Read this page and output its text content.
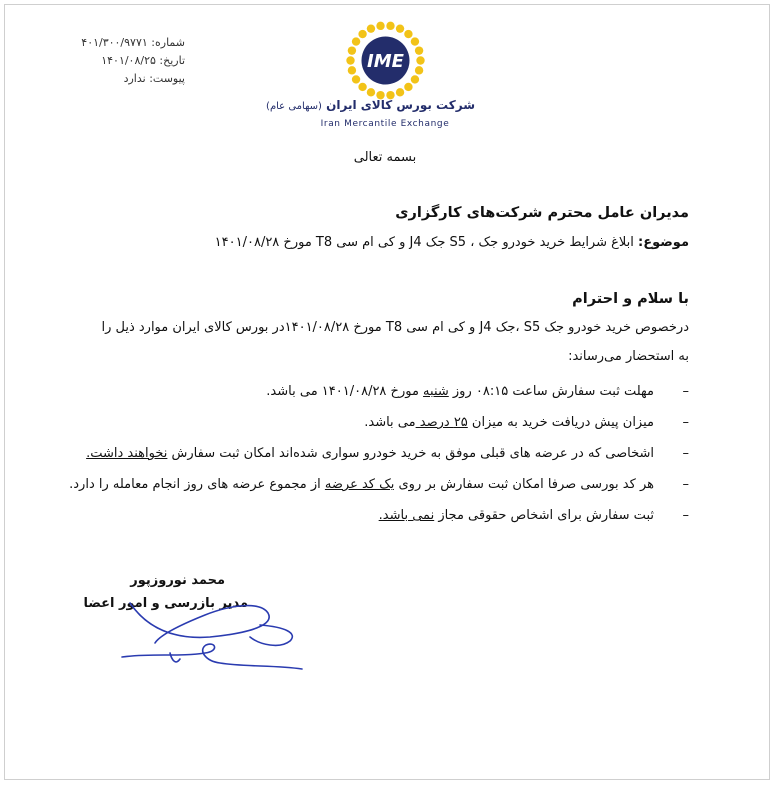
شماره: ۴۰۱/۳۰۰/۹۷۷۱
تاریخ: ۱۴۰۱/۰۸/۲۵
پیوست: ندارد
IME
شرکت بورس کالای ایران (سهامی عام)
Iran Mercantile Exchange
بسمه تعالی
مدیران عامل محترم شرکت‌های کارگزاری
موضوع: ابلاغ شرایط خرید خودرو جک ، S5 جک J4 و کی ام سی T8 مورخ ۱۴۰۱/۰۸/۲۸
با سلام و احترام
درخصوص خرید خودرو جک S5 ،جک J4 و کی ام سی T8 مورخ ۱۴۰۱/۰۸/۲۸در بورس کالای ایران موارد ذیل را
به استحضار می‌رساند:
–
مهلت ثبت سفارش ساعت ۰۸:۱۵ روز شنبه مورخ ۱۴۰۱/۰۸/۲۸ می باشد.
–
میزان پیش دریافت خرید به میزان ۲۵ درصد می باشد.
–
اشخاصی که در عرضه های قبلی موفق به خرید خودرو سواری شده‌اند امکان ثبت سفارش نخواهند داشت.
–
هر کد بورسی صرفا امکان ثبت سفارش بر روی یک کد عرضه از مجموع عرضه های روز انجام معامله را دارد.
–
ثبت سفارش برای اشخاص حقوقی مجاز نمی باشد.
محمد نوروزپور
مدیر بازرسی و امور اعضا
